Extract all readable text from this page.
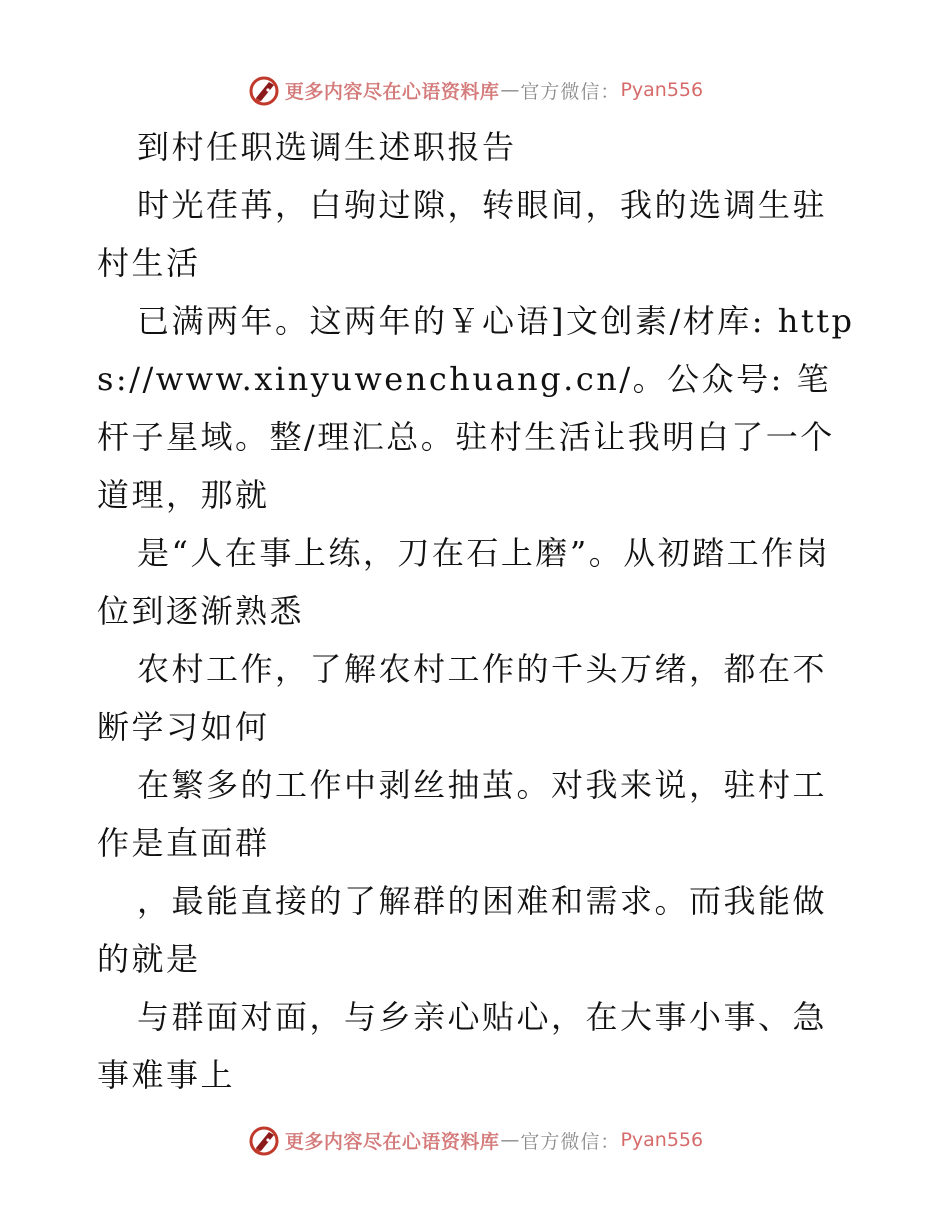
更多内容尽在心语资料库 — 官方微信： Pyan556

到村任职选调生述职报告

时光荏苒，白驹过隙，转眼间，我的选调生驻村生活

已满两年。这两年的￥心语]文创素/材库: https://www.xinyuwenchuang.cn/。公众号: 笔杆子星域。整/理汇总。驻村生活让我明白了一个道理，那就

是“人在事上练，刀在石上磨”。从初踏工作岗位到逐渐熟悉

农村工作，了解农村工作的千头万绪，都在不断学习如何

在繁多的工作中剥丝抽茧。对我来说，驻村工作是直面群

，最能直接的了解群的困难和需求。而我能做的就是

与群面对面，与乡亲心贴心，在大事小事、急事难事上

更多内容尽在心语资料库 — 官方微信： Pyan556
